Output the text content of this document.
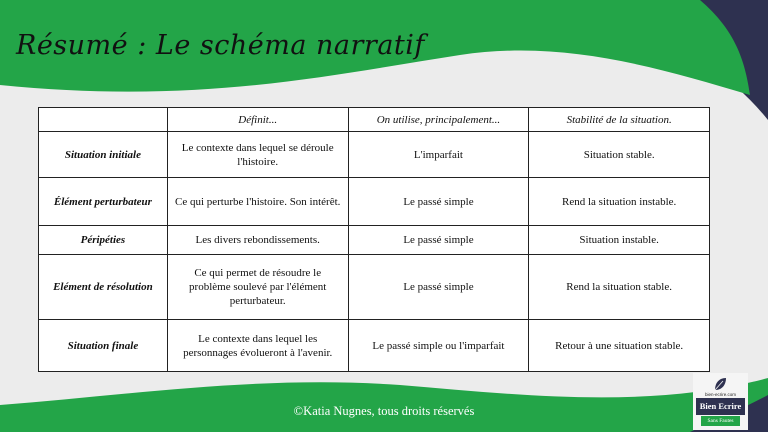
Résumé : Le schéma narratif
	Définit...	On utilise, principalement...	Stabilité de la situation.
Situation initiale	Le contexte dans lequel se déroule l'histoire.	L'imparfait	Situation stable.
Élément perturbateur	Ce qui perturbe l'histoire. Son intérêt.	Le passé simple	Rend la situation instable.
Péripéties	Les divers rebondissements.	Le passé simple	Situation instable.
Elément de résolution	Ce qui permet de résoudre le problème soulevé par l'élément perturbateur.	Le passé simple	Rend la situation stable.
Situation finale	Le contexte dans lequel les personnages évolueront à l'avenir.	Le passé simple ou l'imparfait	Retour à une situation stable.
©Katia Nugnes, tous droits réservés
bien-ecrire.com
Bien Ecrire
Sans Fautes
